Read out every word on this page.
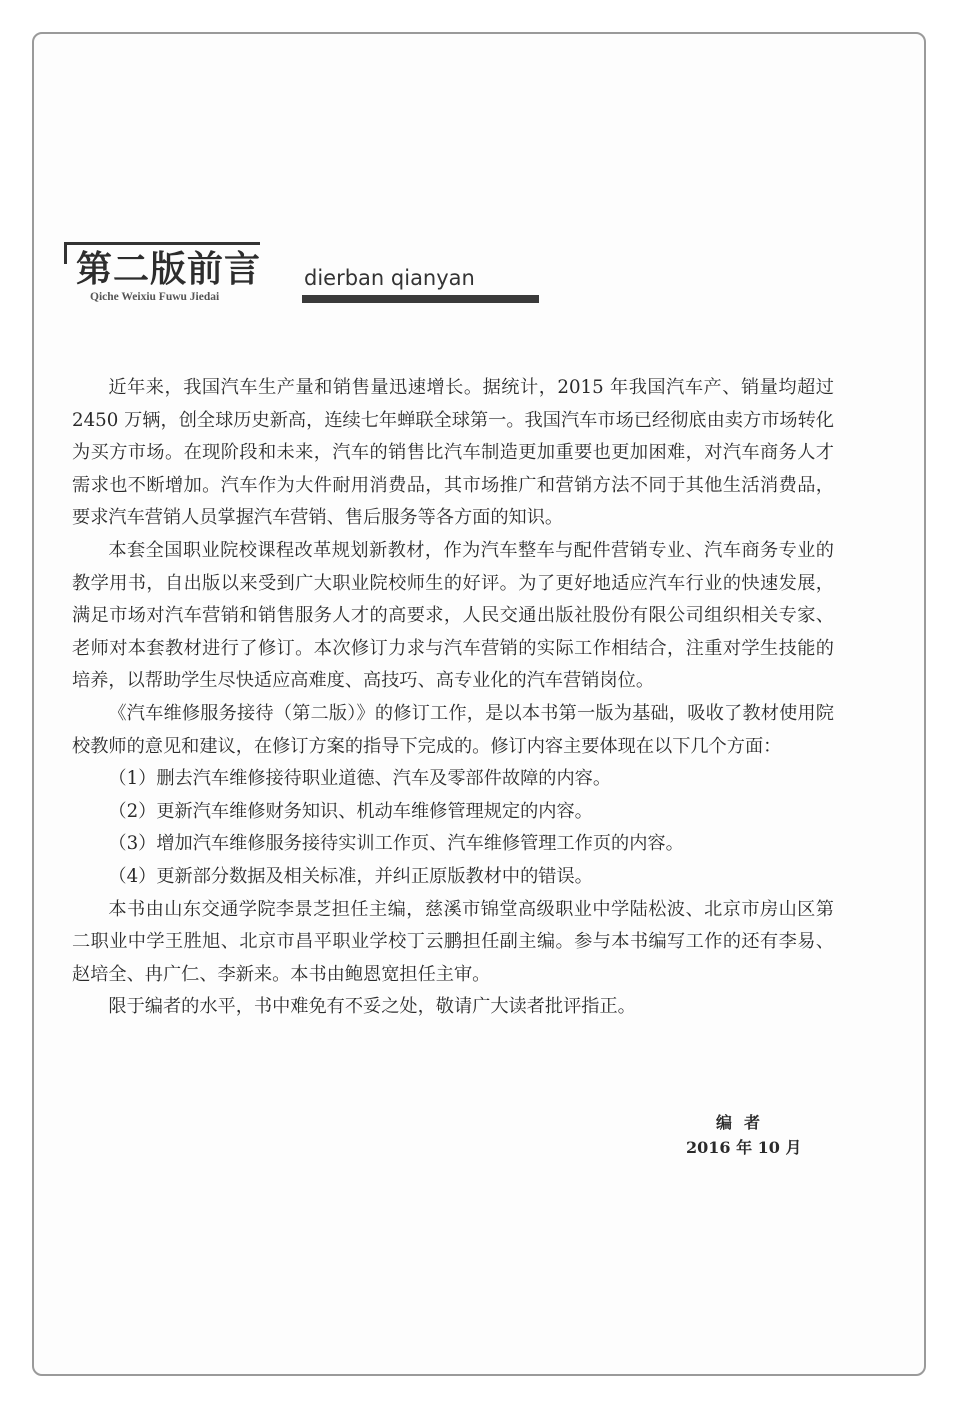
第二版前言
Qiche Weixiu Fuwu Jiedai
dierban qianyan

近年来，我国汽车生产量和销售量迅速增长。据统计，2015 年我国汽车产、销量均超过 2450 万辆，创全球历史新高，连续七年蝉联全球第一。我国汽车市场已经彻底由卖方市场转化为买方市场。在现阶段和未来，汽车的销售比汽车制造更加重要也更加困难，对汽车商务人才需求也不断增加。汽车作为大件耐用消费品，其市场推广和营销方法不同于其他生活消费品，要求汽车营销人员掌握汽车营销、售后服务等各方面的知识。

本套全国职业院校课程改革规划新教材，作为汽车整车与配件营销专业、汽车商务专业的教学用书，自出版以来受到广大职业院校师生的好评。为了更好地适应汽车行业的快速发展，满足市场对汽车营销和销售服务人才的高要求，人民交通出版社股份有限公司组织相关专家、老师对本套教材进行了修订。本次修订力求与汽车营销的实际工作相结合，注重对学生技能的培养，以帮助学生尽快适应高难度、高技巧、高专业化的汽车营销岗位。

《汽车维修服务接待（第二版）》的修订工作，是以本书第一版为基础，吸收了教材使用院校教师的意见和建议，在修订方案的指导下完成的。修订内容主要体现在以下几个方面：

（1）删去汽车维修接待职业道德、汽车及零部件故障的内容。

（2）更新汽车维修财务知识、机动车维修管理规定的内容。

（3）增加汽车维修服务接待实训工作页、汽车维修管理工作页的内容。

（4）更新部分数据及相关标准，并纠正原版教材中的错误。

本书由山东交通学院李景芝担任主编，慈溪市锦堂高级职业中学陆松波、北京市房山区第二职业中学王胜旭、北京市昌平职业学校丁云鹏担任副主编。参与本书编写工作的还有李易、赵培全、冉广仁、李新来。本书由鲍恩宽担任主审。

限于编者的水平，书中难免有不妥之处，敬请广大读者批评指正。

编者
2016 年 10 月
